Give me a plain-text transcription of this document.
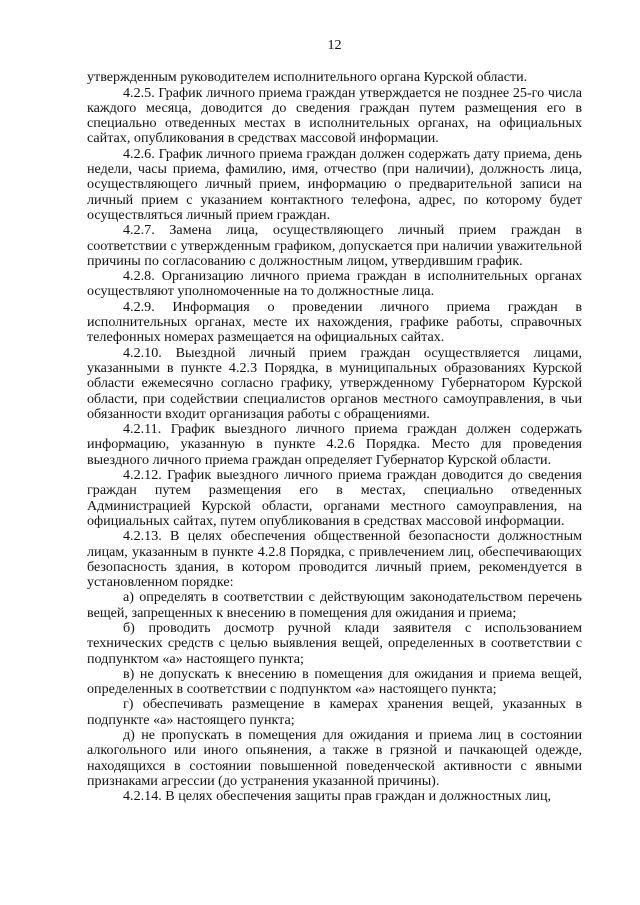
12

утвержденным руководителем исполнительного органа Курской области.

4.2.5. График личного приема граждан утверждается не позднее 25-го числа каждого месяца, доводится до сведения граждан путем размещения его в специально отведенных местах в исполнительных органах, на официальных сайтах, опубликования в средствах массовой информации.

4.2.6. График личного приема граждан должен содержать дату приема, день недели, часы приема, фамилию, имя, отчество (при наличии), должность лица, осуществляющего личный прием, информацию о предварительной записи на личный прием с указанием контактного телефона, адрес, по которому будет осуществляться личный прием граждан.

4.2.7. Замена лица, осуществляющего личный прием граждан в соответствии с утвержденным графиком, допускается при наличии уважительной причины по согласованию с должностным лицом, утвердившим график.

4.2.8. Организацию личного приема граждан в исполнительных органах осуществляют уполномоченные на то должностные лица.

4.2.9. Информация о проведении личного приема граждан в исполнительных органах, месте их нахождения, графике работы, справочных телефонных номерах размещается на официальных сайтах.

4.2.10. Выездной личный прием граждан осуществляется лицами, указанными в пункте 4.2.3 Порядка, в муниципальных образованиях Курской области ежемесячно согласно графику, утвержденному Губернатором Курской области, при содействии специалистов органов местного самоуправления, в чьи обязанности входит организация работы с обращениями.

4.2.11. График выездного личного приема граждан должен содержать информацию, указанную в пункте 4.2.6 Порядка. Место для проведения выездного личного приема граждан определяет Губернатор Курской области.

4.2.12. График выездного личного приема граждан доводится до сведения граждан путем размещения его в местах, специально отведенных Администрацией Курской области, органами местного самоуправления, на официальных сайтах, путем опубликования в средствах массовой информации.

4.2.13. В целях обеспечения общественной безопасности должностным лицам, указанным в пункте 4.2.8 Порядка, с привлечением лиц, обеспечивающих безопасность здания, в котором проводится личный прием, рекомендуется в установленном порядке:

а) определять в соответствии с действующим законодательством перечень вещей, запрещенных к внесению в помещения для ожидания и приема;

б) проводить досмотр ручной клади заявителя с использованием технических средств с целью выявления вещей, определенных в соответствии с подпунктом «а» настоящего пункта;

в) не допускать к внесению в помещения для ожидания и приема вещей, определенных в соответствии с подпунктом «а» настоящего пункта;

г) обеспечивать размещение в камерах хранения вещей, указанных в подпункте «а» настоящего пункта;

д) не пропускать в помещения для ожидания и приема лиц в состоянии алкогольного или иного опьянения, а также в грязной и пачкающей одежде, находящихся в состоянии повышенной поведенческой активности с явными признаками агрессии (до устранения указанной причины).

4.2.14. В целях обеспечения защиты прав граждан и должностных лиц,
